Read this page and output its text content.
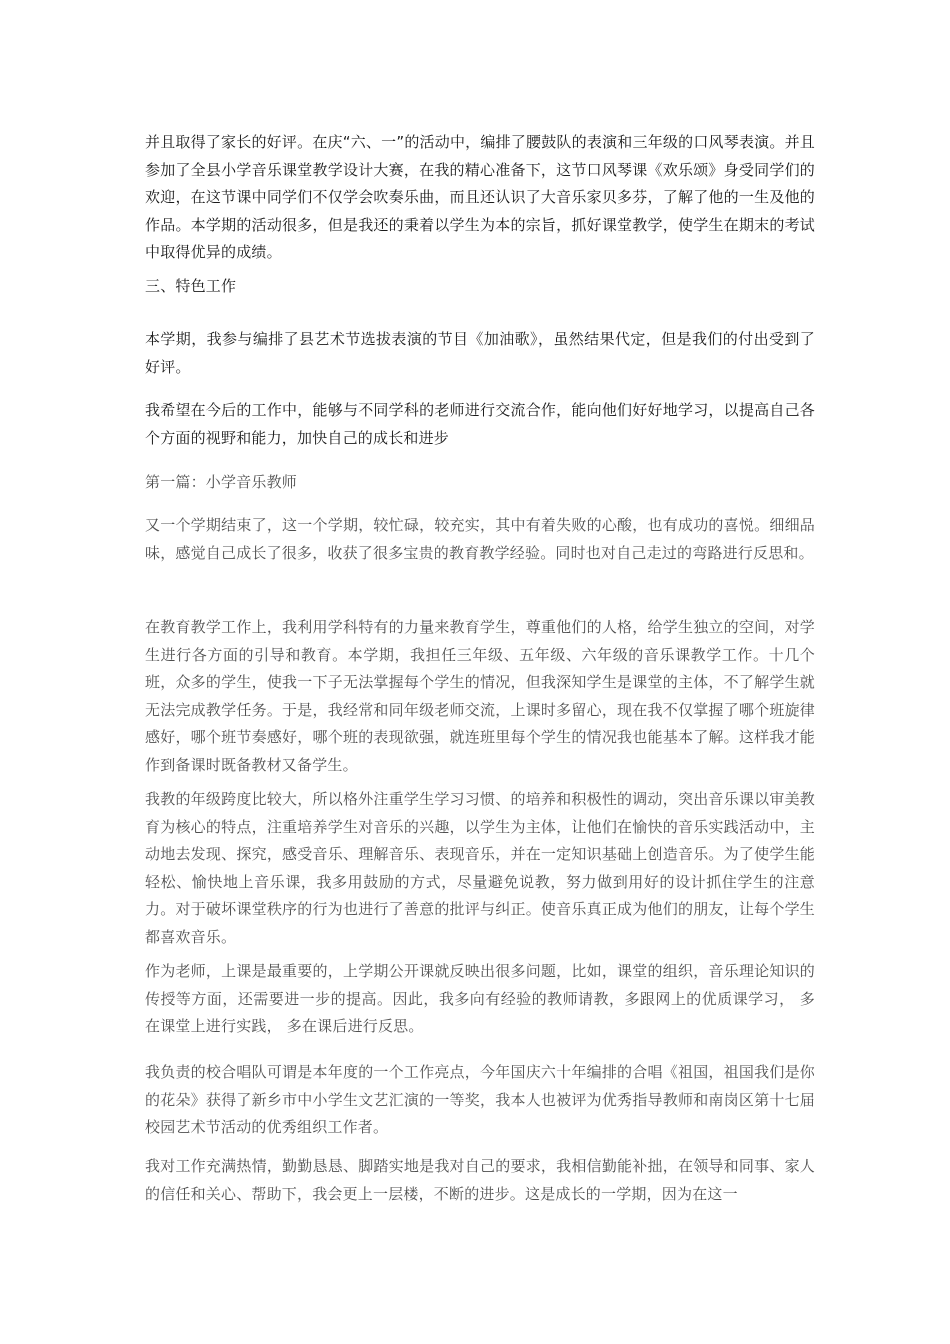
并且取得了家长的好评。在庆“六、一”的活动中，编排了腰鼓队的表演和三年级的口风琴表演。并且参加了全县小学音乐课堂教学设计大赛，在我的精心准备下，这节口风琴课《欢乐颂》身受同学们的欢迎，在这节课中同学们不仅学会吹奏乐曲，而且还认识了大音乐家贝多芬，了解了他的一生及他的作品。本学期的活动很多，但是我还的秉着以学生为本的宗旨，抓好课堂教学，使学生在期末的考试中取得优异的成绩。

三、特色工作

本学期，我参与编排了县艺术节选拔表演的节目《加油歌》，虽然结果代定，但是我们的付出受到了好评。

我希望在今后的工作中，能够与不同学科的老师进行交流合作，能向他们好好地学习，以提高自己各个方面的视野和能力，加快自己的成长和进步

第一篇：小学音乐教师

又一个学期结束了，这一个学期，较忙碌，较充实，其中有着失败的心酸，也有成功的喜悦。细细品味，感觉自己成长了很多，收获了很多宝贵的教育教学经验。同时也对自己走过的弯路进行反思和。

在教育教学工作上，我利用学科特有的力量来教育学生，尊重他们的人格，给学生独立的空间，对学生进行各方面的引导和教育。本学期，我担任三年级、五年级、六年级的音乐课教学工作。十几个班，众多的学生，使我一下子无法掌握每个学生的情况，但我深知学生是课堂的主体，不了解学生就无法完成教学任务。于是，我经常和同年级老师交流，上课时多留心，现在我不仅掌握了哪个班旋律感好，哪个班节奏感好，哪个班的表现欲强，就连班里每个学生的情况我也能基本了解。这样我才能作到备课时既备教材又备学生。

我教的年级跨度比较大，所以格外注重学生学习习惯、的培养和积极性的调动，突出音乐课以审美教育为核心的特点，注重培养学生对音乐的兴趣，以学生为主体，让他们在愉快的音乐实践活动中，主动地去发现、探究，感受音乐、理解音乐、表现音乐，并在一定知识基础上创造音乐。为了使学生能轻松、愉快地上音乐课，我多用鼓励的方式，尽量避免说教，努力做到用好的设计抓住学生的注意力。对于破坏课堂秩序的行为也进行了善意的批评与纠正。使音乐真正成为他们的朋友，让每个学生都喜欢音乐。

作为老师，上课是最重要的，上学期公开课就反映出很多问题，比如，课堂的组织，音乐理论知识的传授等方面，还需要进一步的提高。因此，我多向有经验的教师请教，多跟网上的优质课学习， 多在课堂上进行实践， 多在课后进行反思。

我负责的校合唱队可谓是本年度的一个工作亮点，今年国庆六十年编排的合唱《祖国，祖国我们是你的花朵》获得了新乡市中小学生文艺汇演的一等奖，我本人也被评为优秀指导教师和南岗区第十七届校园艺术节活动的优秀组织工作者。

我对工作充满热情，勤勤恳恳、脚踏实地是我对自己的要求，我相信勤能补拙，在领导和同事、家人的信任和关心、帮助下，我会更上一层楼，不断的进步。这是成长的一学期，因为在这一
